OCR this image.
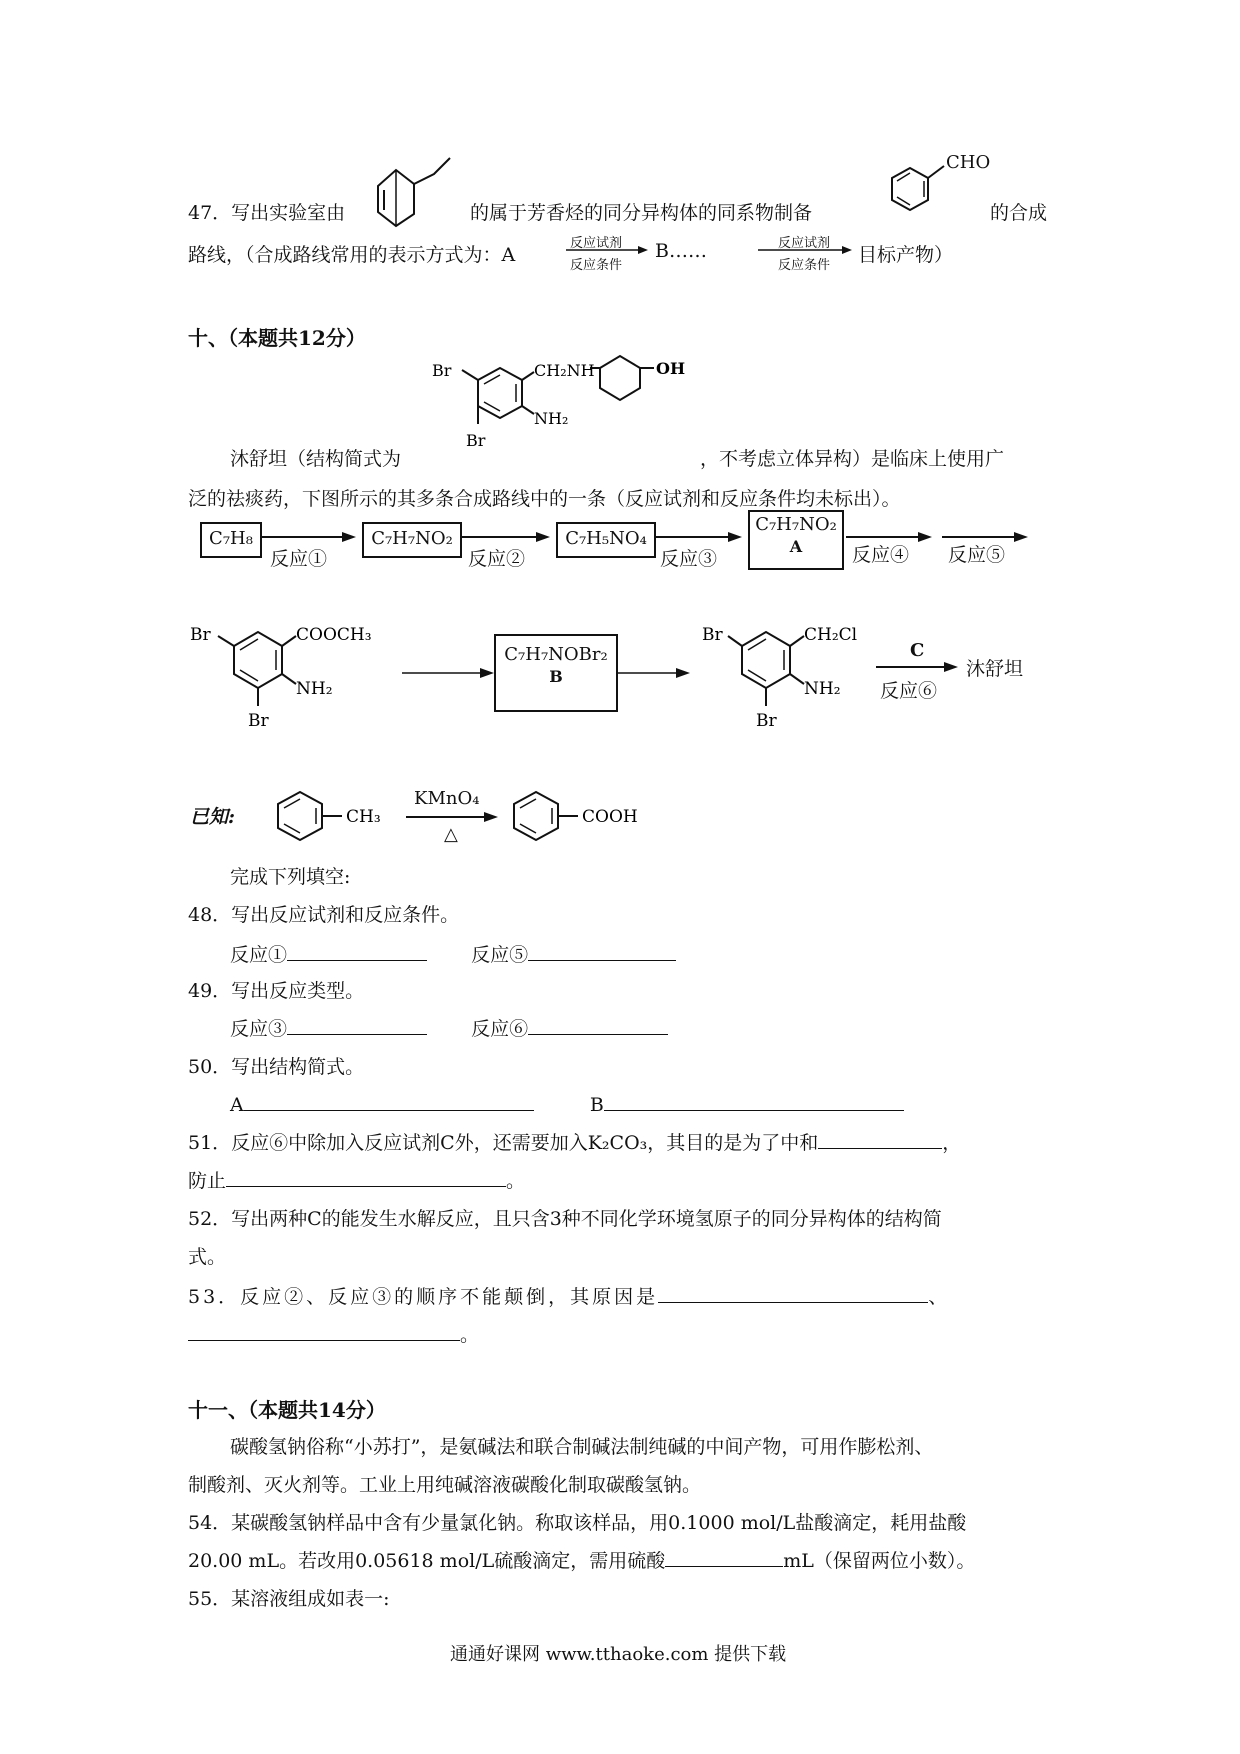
47．写出实验室由	的属于芳香烃的同分异构体的同系物制备
CHO
的合成
路线，（合成路线常用的表示方式为：A
反应试剂
反应条件
B……	反应试剂
反应条件 目标产物）
十、（本题共12分）
Br	CH₂NH	OH
NH₂
Br
沐舒坦（结构简式为	，不考虑立体异构）是临床上使用广
泛的祛痰药，下图所示的其多条合成路线中的一条（反应试剂和反应条件均未标出）。
C₇H₈
反应①
C₇H₇NO₂
反应②
C₇H₅NO₄
反应③
C₇H₇NO₂
A	反应④ 反应⑤
Br	COOCH₃
NH₂
Br
C₇H₇NOBr₂
B
Br	CH₂Cl
NH₂
Br
C
反应⑥
沐舒坦
已知:	CH₃
KMnO₄
△
COOH
完成下列填空:
48．写出反应试剂和反应条件。
反应①	反应⑤
49．写出反应类型。
反应③	反应⑥
50．写出结构简式。
A	B
51．反应⑥中除加入反应试剂C外，还需要加入K₂CO₃，其目的是为了中和	，
防止	。
52．写出两种C的能发生水解反应，且只含3种不同化学环境氢原子的同分异构体的结构简
式。
53．反应②、反应③的顺序不能颠倒，其原因是	、
。
十一、（本题共14分）
碳酸氢钠俗称“小苏打”，是氨碱法和联合制碱法制纯碱的中间产物，可用作膨松剂、
制酸剂、灭火剂等。工业上用纯碱溶液碳酸化制取碳酸氢钠。
54．某碳酸氢钠样品中含有少量氯化钠。称取该样品，用0.1000 mol/L盐酸滴定，耗用盐酸
20.00 mL。若改用0.05618 mol/L硫酸滴定，需用硫酸	mL（保留两位小数）。
55．某溶液组成如表一:
通通好课网 www.tthaoke.com 提供下载
